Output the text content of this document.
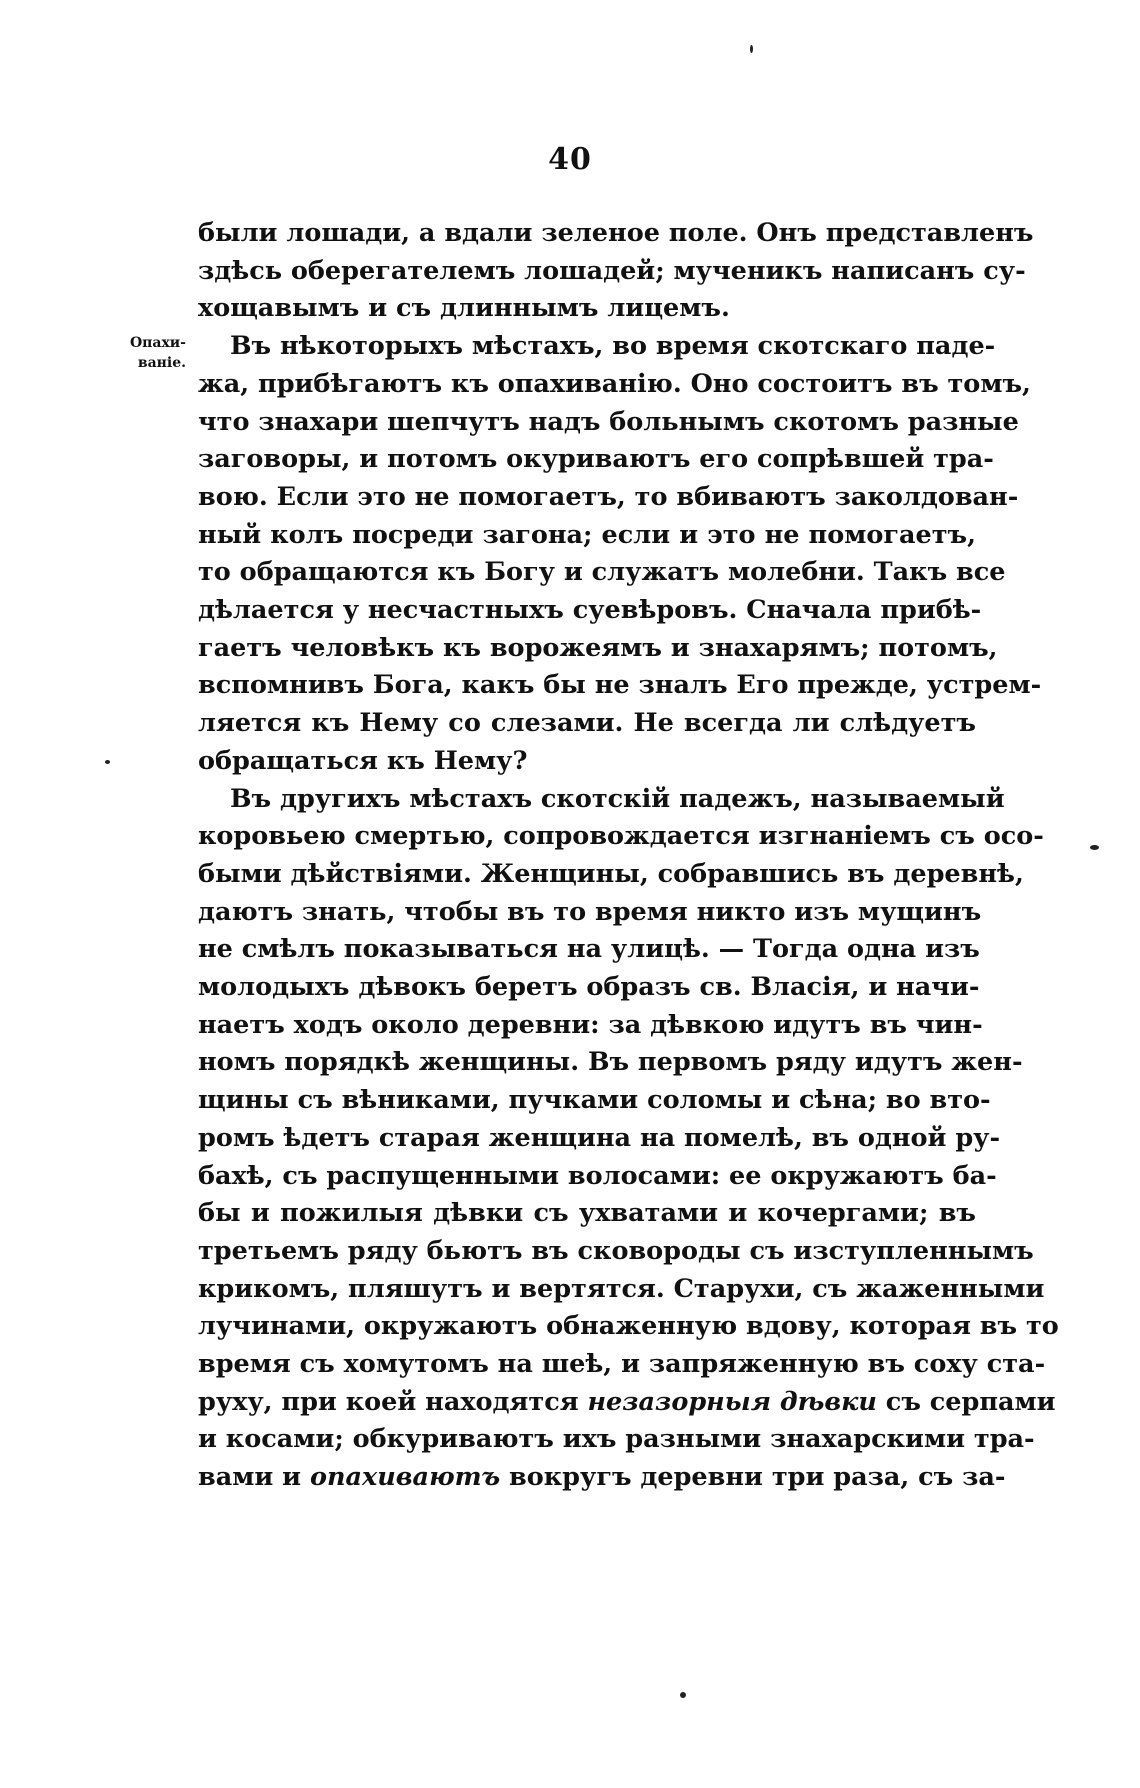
40
Опахи-
ваніе.
были лошади, а вдали зеленое поле. Онъ представленъ
здѣсь оберегателемъ лошадей; мученикъ написанъ су-
хощавымъ и съ длиннымъ лицемъ.
Въ нѣкоторыхъ мѣстахъ, во время скотскаго паде-
жа, прибѣгаютъ къ опахиванію. Оно состоитъ въ томъ,
что знахари шепчутъ надъ больнымъ скотомъ разные
заговоры, и потомъ окуриваютъ его сопрѣвшей тра-
вою. Если это не помогаетъ, то вбиваютъ заколдован-
ный колъ посреди загона; если и это не помогаетъ,
то обращаются къ Богу и служатъ молебни. Такъ все
дѣлается у несчастныхъ суевѣровъ. Сначала прибѣ-
гаетъ человѣкъ къ ворожеямъ и знахарямъ; потомъ,
вспомнивъ Бога, какъ бы не зналъ Его прежде, устрем-
ляется къ Нему со слезами. Не всегда ли слѣдуетъ
обращаться къ Нему?
Въ другихъ мѣстахъ скотскій падежъ, называемый
коровьею смертью, сопровождается изгнаніемъ съ осо-
быми дѣйствіями. Женщины, собравшись въ деревнѣ,
даютъ знать, чтобы въ то время никто изъ мущинъ
не смѣлъ показываться на улицѣ. — Тогда одна изъ
молодыхъ дѣвокъ беретъ образъ св. Власія, и начи-
наетъ ходъ около деревни: за дѣвкою идутъ въ чин-
номъ порядкѣ женщины. Въ первомъ ряду идутъ жен-
щины съ вѣниками, пучками соломы и сѣна; во вто-
ромъ ѣдетъ старая женщина на помелѣ, въ одной ру-
бахѣ, съ распущенными волосами: ее окружаютъ ба-
бы и пожилыя дѣвки съ ухватами и кочергами; въ
третьемъ ряду бьютъ въ сковороды съ изступленнымъ
крикомъ, пляшутъ и вертятся. Старухи, съ жаженными
лучинами, окружаютъ обнаженную вдову, которая въ то
время съ хомутомъ на шеѣ, и запряженную въ соху ста-
руху, при коей находятся незазорныя дѣвки съ серпами
и косами; обкуриваютъ ихъ разными знахарскими тра-
вами и опахиваютъ вокругъ деревни три раза, съ за-
